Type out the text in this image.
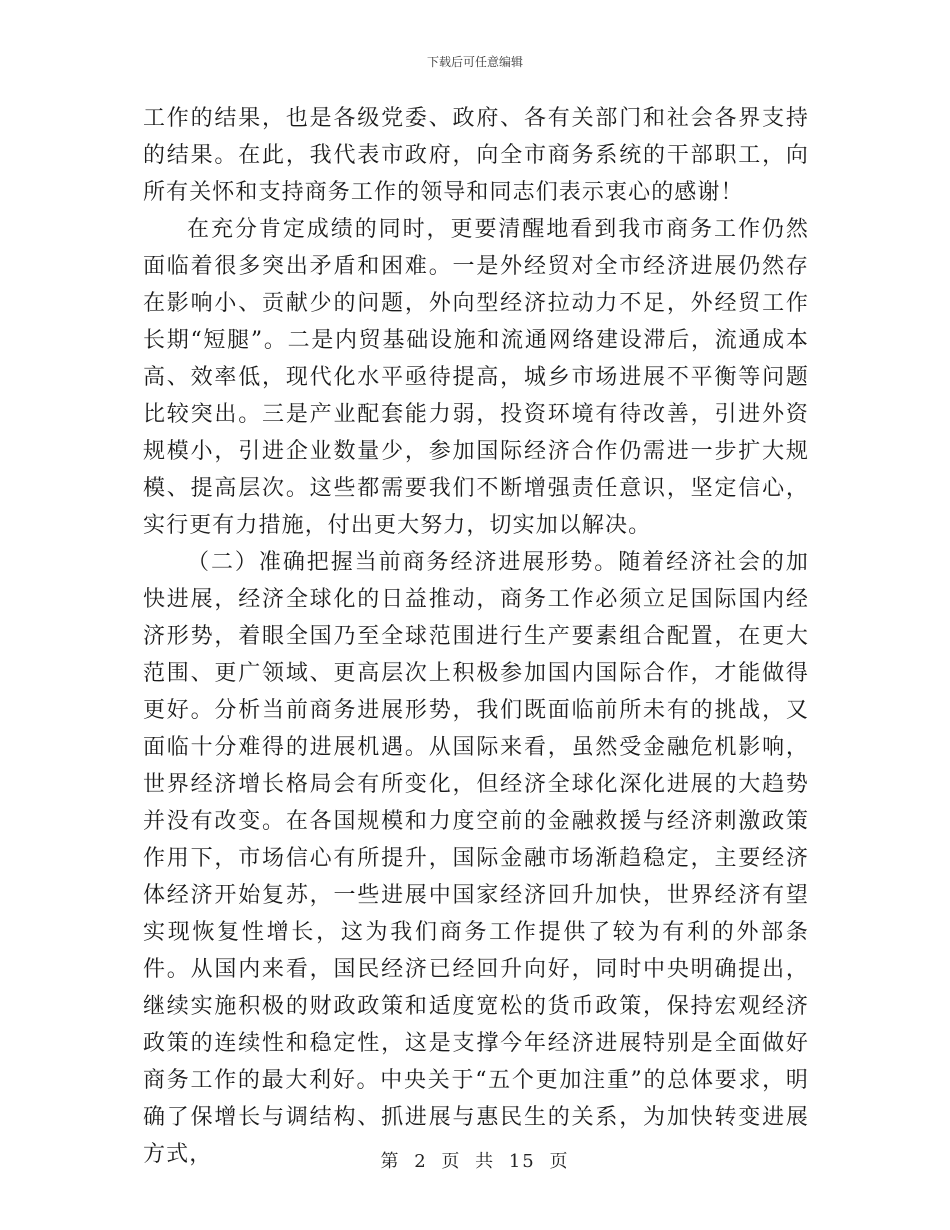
下载后可任意编辑

工作的结果，也是各级党委、政府、各有关部门和社会各界支持的结果。在此，我代表市政府，向全市商务系统的干部职工，向所有关怀和支持商务工作的领导和同志们表示衷心的感谢！

在充分肯定成绩的同时，更要清醒地看到我市商务工作仍然面临着很多突出矛盾和困难。一是外经贸对全市经济进展仍然存在影响小、贡献少的问题，外向型经济拉动力不足，外经贸工作长期“短腿”。二是内贸基础设施和流通网络建设滞后，流通成本高、效率低，现代化水平亟待提高，城乡市场进展不平衡等问题比较突出。三是产业配套能力弱，投资环境有待改善，引进外资规模小，引进企业数量少，参加国际经济合作仍需进一步扩大规模、提高层次。这些都需要我们不断增强责任意识，坚定信心，实行更有力措施，付出更大努力，切实加以解决。

（二）准确把握当前商务经济进展形势。随着经济社会的加快进展，经济全球化的日益推动，商务工作必须立足国际国内经济形势，着眼全国乃至全球范围进行生产要素组合配置，在更大范围、更广领域、更高层次上积极参加国内国际合作，才能做得更好。分析当前商务进展形势，我们既面临前所未有的挑战，又面临十分难得的进展机遇。从国际来看，虽然受金融危机影响，世界经济增长格局会有所变化，但经济全球化深化进展的大趋势并没有改变。在各国规模和力度空前的金融救援与经济刺激政策作用下，市场信心有所提升，国际金融市场渐趋稳定，主要经济体经济开始复苏，一些进展中国家经济回升加快，世界经济有望实现恢复性增长，这为我们商务工作提供了较为有利的外部条件。从国内来看，国民经济已经回升向好，同时中央明确提出，继续实施积极的财政政策和适度宽松的货币政策，保持宏观经济政策的连续性和稳定性，这是支撑今年经济进展特别是全面做好商务工作的最大利好。中央关于“五个更加注重”的总体要求，明确了保增长与调结构、抓进展与惠民生的关系，为加快转变进展方式，	第 2 页 共 15 页
